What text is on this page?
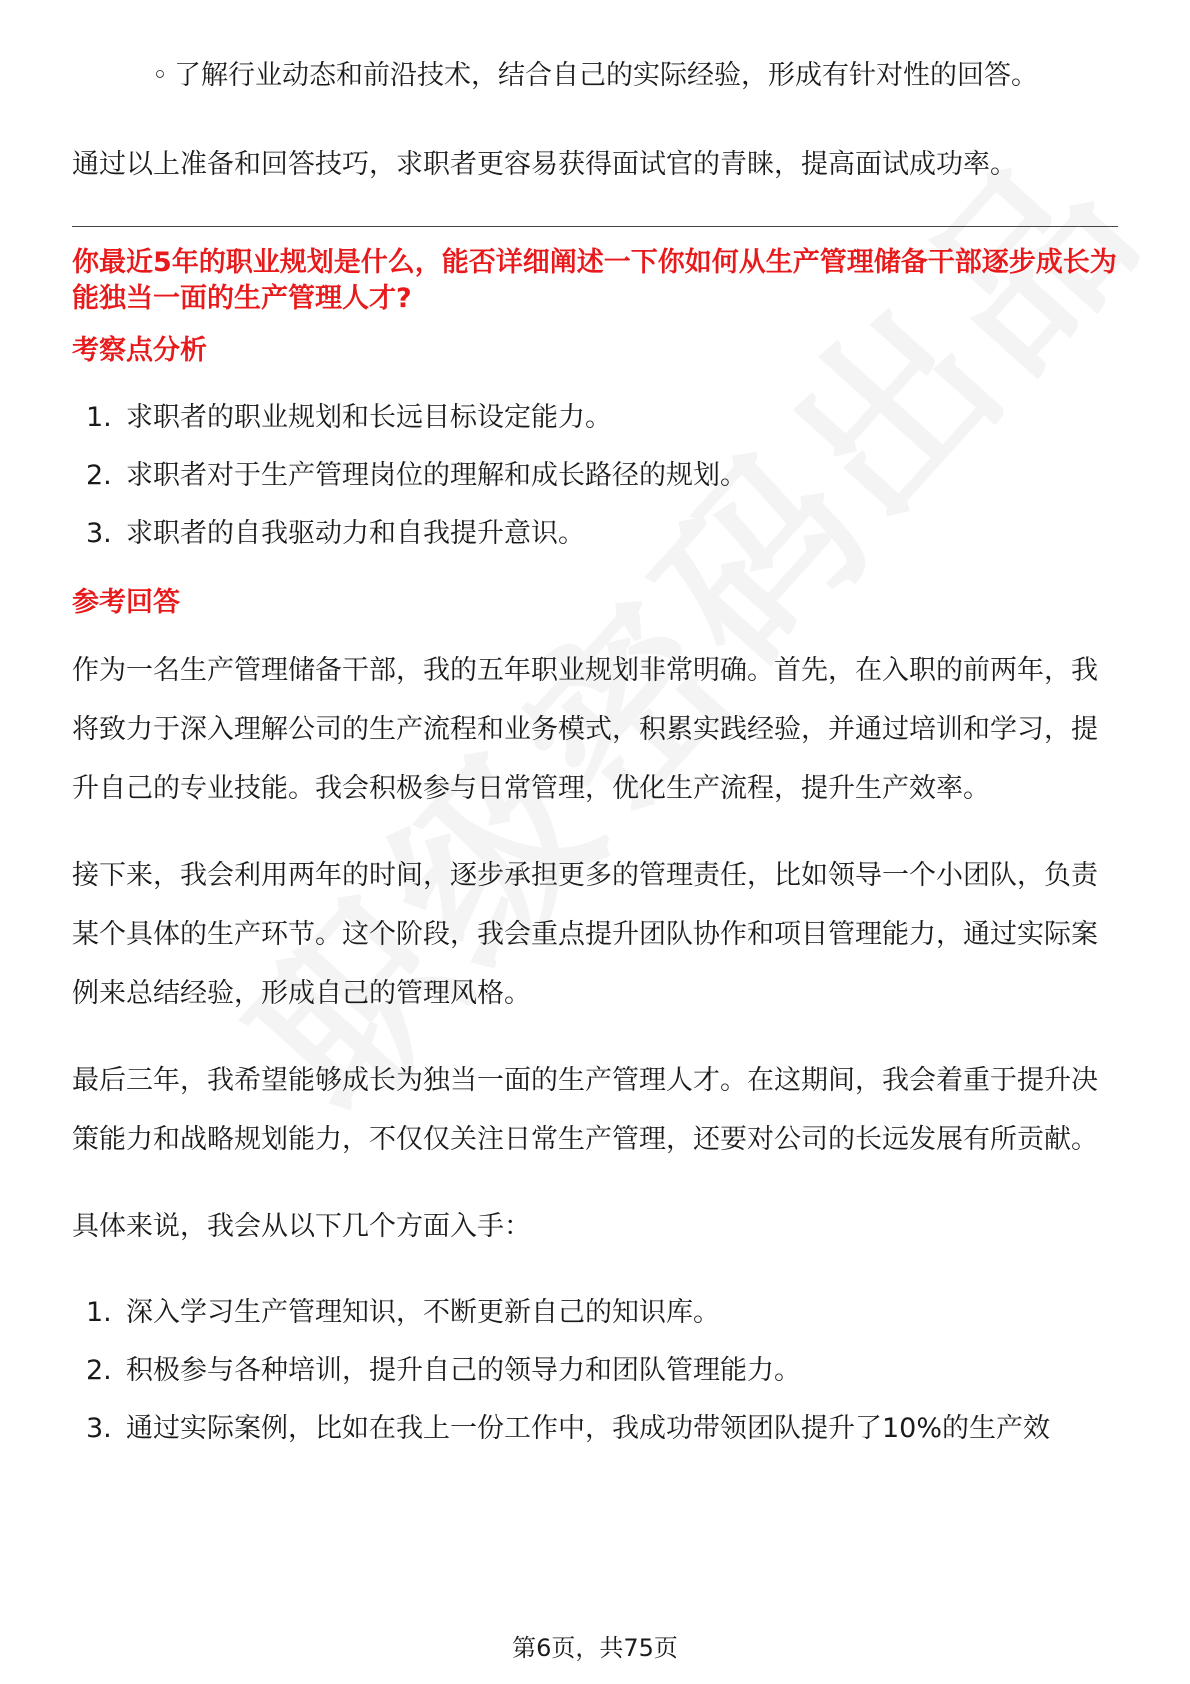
◦ 了解行业动态和前沿技术，结合自己的实际经验，形成有针对性的回答。

通过以上准备和回答技巧，求职者更容易获得面试官的青睐，提高面试成功率。

你最近5年的职业规划是什么，能否详细阐述一下你如何从生产管理储备干部逐步成长为能独当一面的生产管理人才?
考察点分析
1. 求职者的职业规划和长远目标设定能力。
2. 求职者对于生产管理岗位的理解和成长路径的规划。
3. 求职者的自我驱动力和自我提升意识。
参考回答

作为一名生产管理储备干部，我的五年职业规划非常明确。首先，在入职的前两年，我将致力于深入理解公司的生产流程和业务模式，积累实践经验，并通过培训和学习，提升自己的专业技能。我会积极参与日常管理，优化生产流程，提升生产效率。

接下来，我会利用两年的时间，逐步承担更多的管理责任，比如领导一个小团队，负责某个具体的生产环节。这个阶段，我会重点提升团队协作和项目管理能力，通过实际案例来总结经验，形成自己的管理风格。

最后三年，我希望能够成长为独当一面的生产管理人才。在这期间，我会着重于提升决策能力和战略规划能力，不仅仅关注日常生产管理，还要对公司的长远发展有所贡献。

具体来说，我会从以下几个方面入手：

1. 深入学习生产管理知识，不断更新自己的知识库。
2. 积极参与各种培训，提升自己的领导力和团队管理能力。
3. 通过实际案例，比如在我上一份工作中，我成功带领团队提升了10%的生产效
第6页，共75页
